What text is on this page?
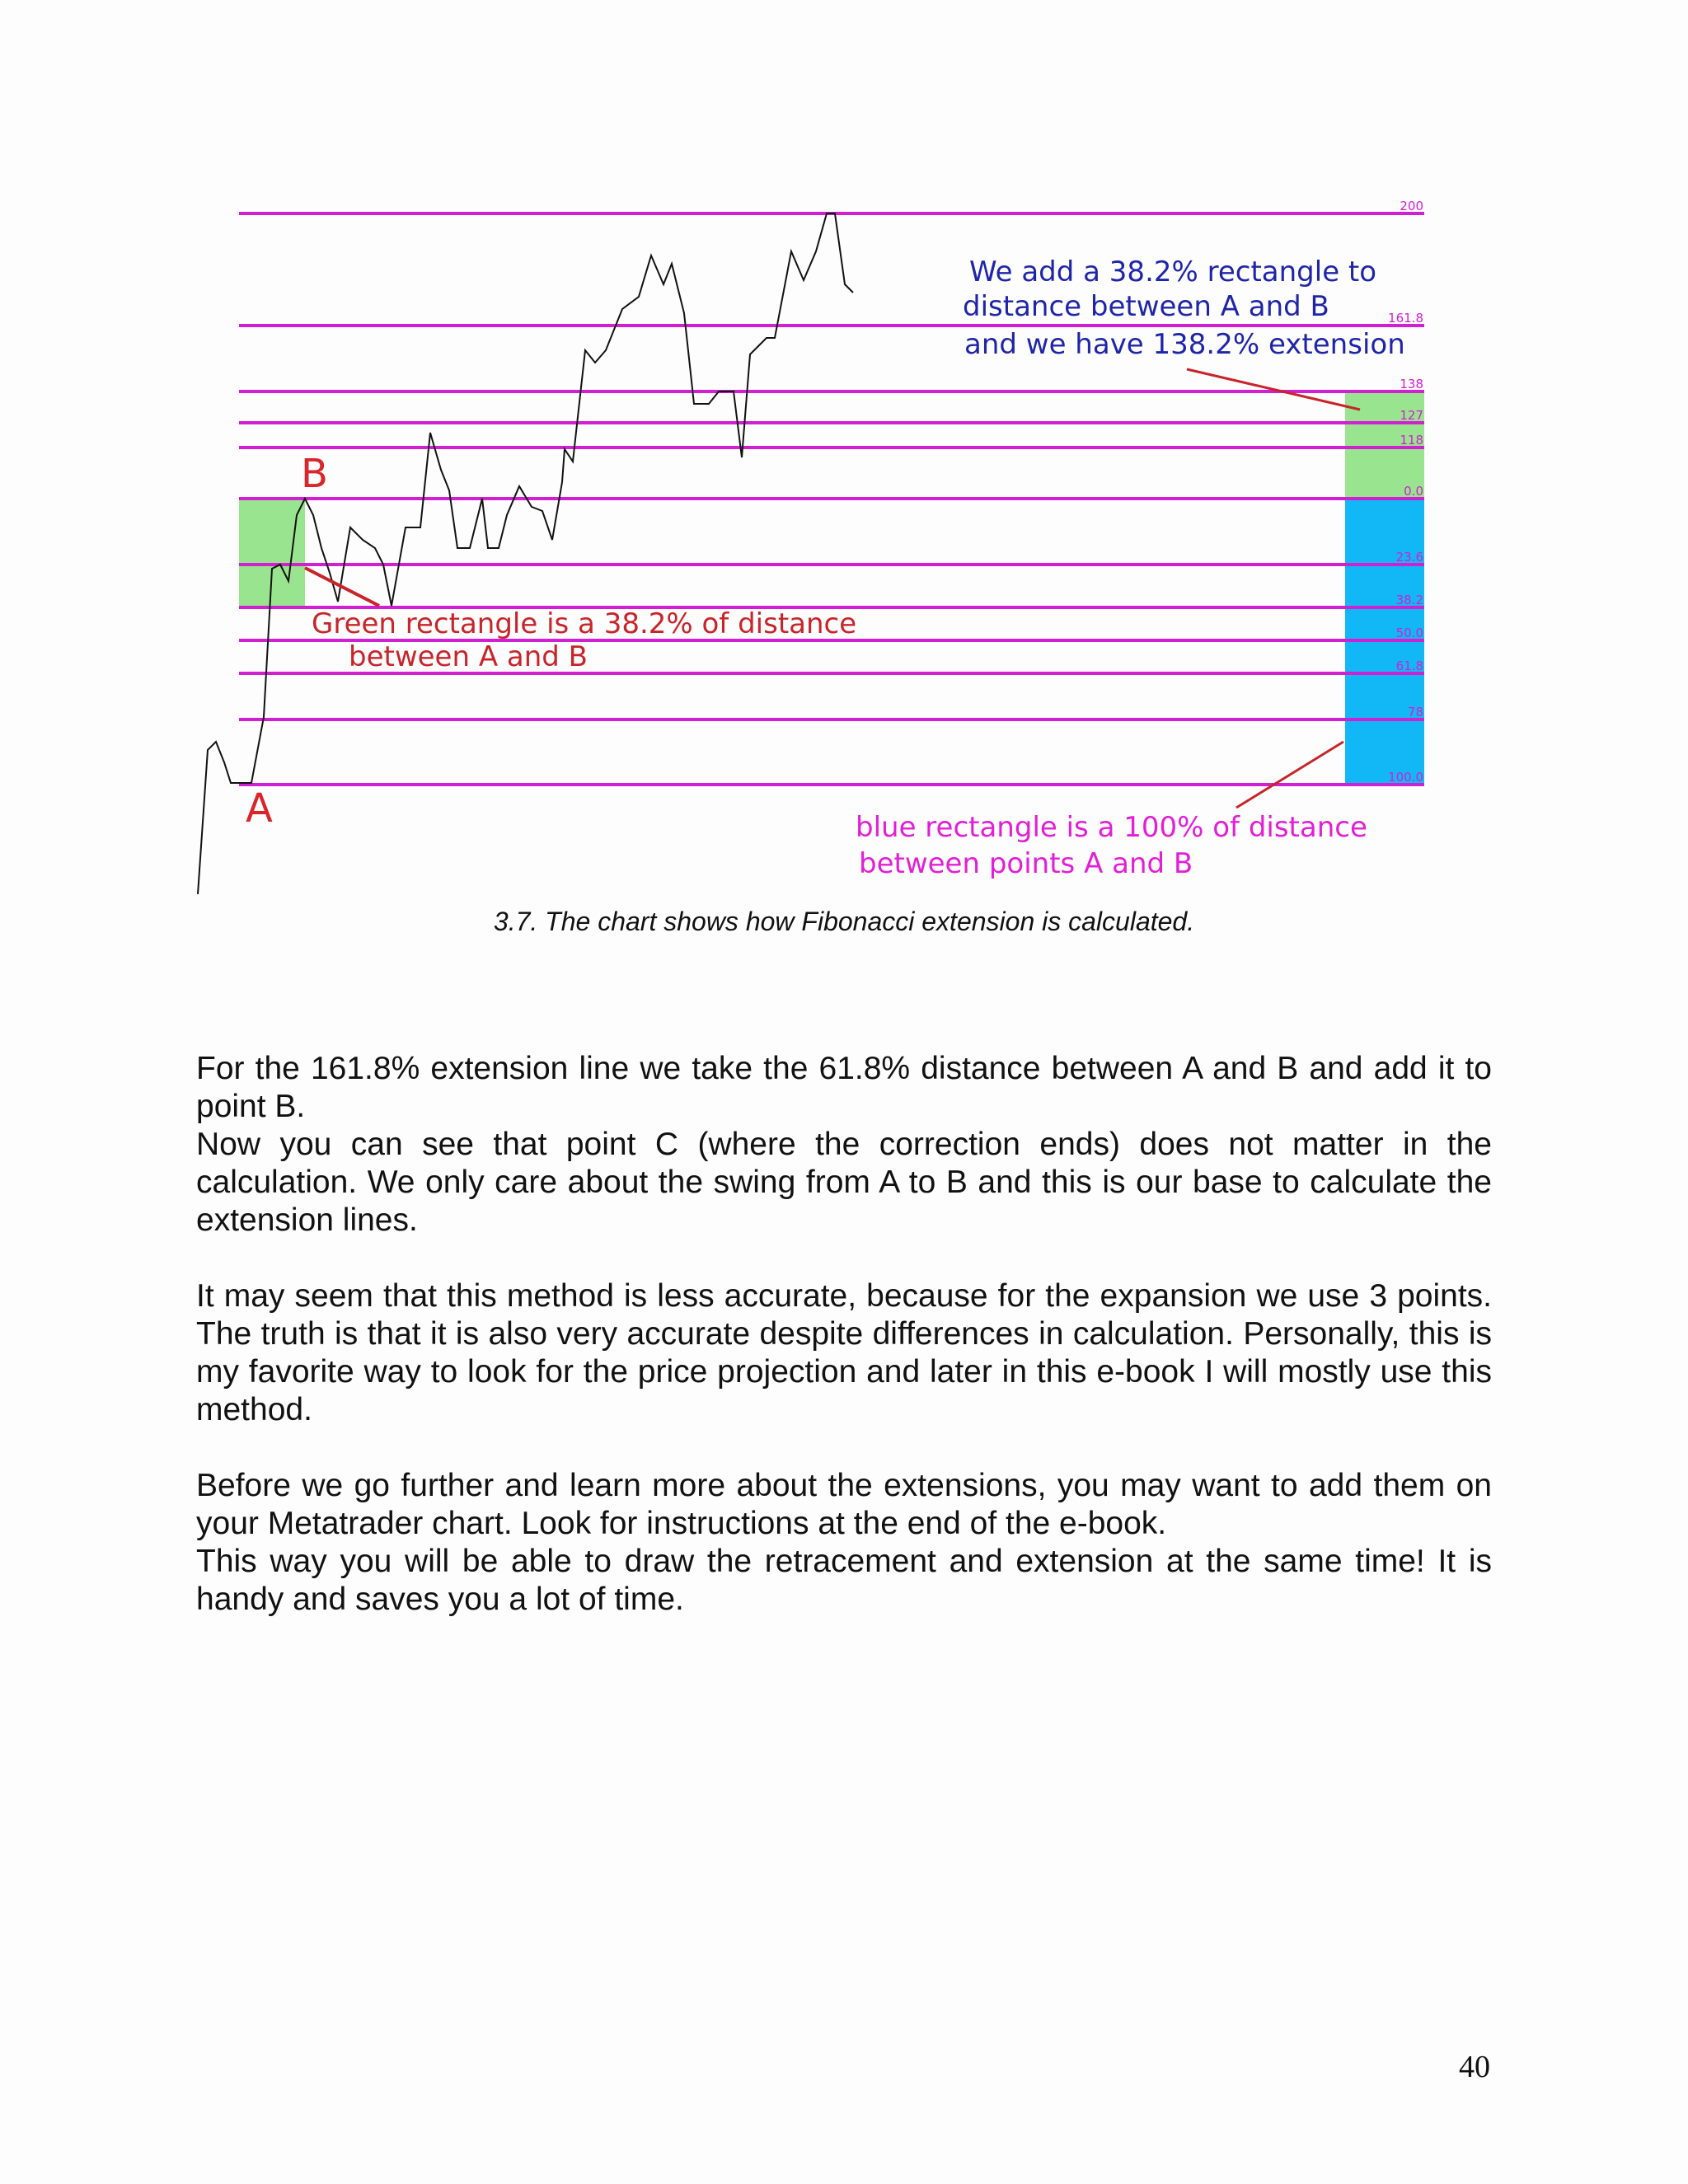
200
161.8
138
127
118
0.0
23.6
38.2
50.0
61.8
78
100.0
A
B
Green rectangle is a 38.2% of distance
between A and B
We add a 38.2% rectangle to
distance between A and B
and we have 138.2% extension
blue rectangle is a 100% of distance
between points A and B
3.7. The chart shows how Fibonacci extension is calculated.

For the 161.8% extension line we take the 61.8% distance between A and B and add it to point B.

Now you can see that point C (where the correction ends) does not matter in the calculation. We only care about the swing from A to B and this is our base to calculate the extension lines.

It may seem that this method is less accurate, because for the expansion we use 3 points. The truth is that it is also very accurate despite differences in calculation. Personally, this is my favorite way to look for the price projection and later in this e-book I will mostly use this method.

Before we go further and learn more about the extensions, you may want to add them on your Metatrader chart. Look for instructions at the end of the e-book.

This way you will be able to draw the retracement and extension at the same time! It is handy and saves you a lot of time.

40
